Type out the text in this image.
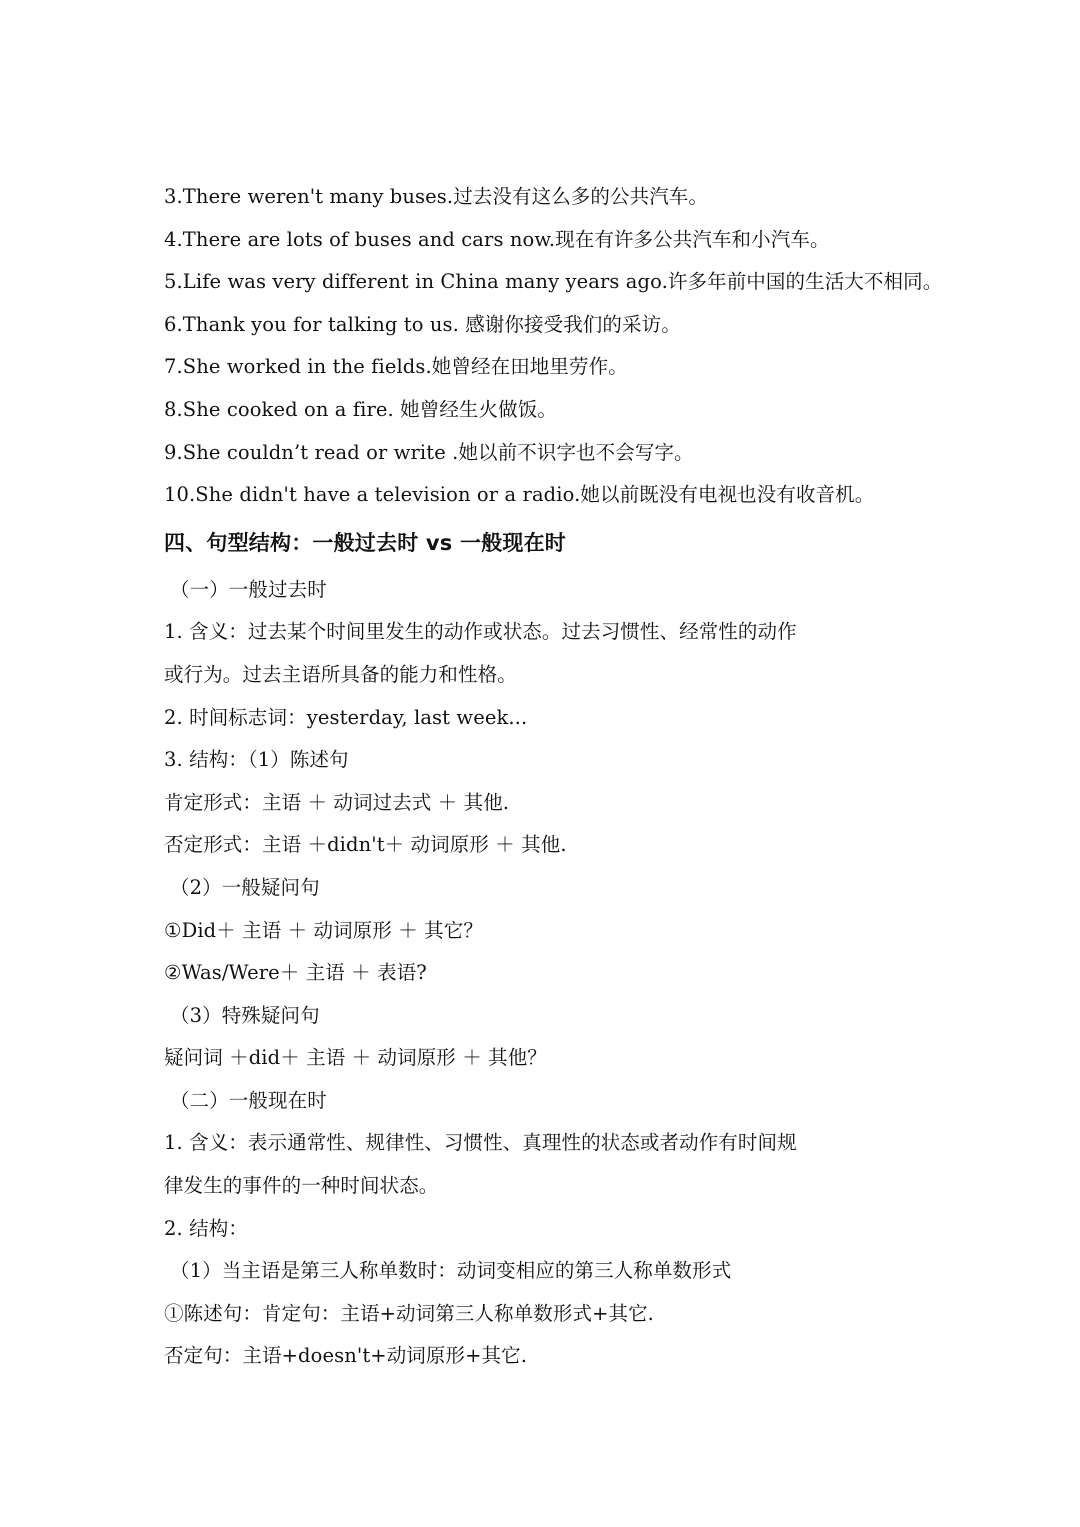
3.There weren't many buses.过去没有这么多的公共汽车。
4.There are lots of buses and cars now.现在有许多公共汽车和小汽车。
5.Life was very different in China many years ago.许多年前中国的生活大不相同。
6.Thank you for talking to us. 感谢你接受我们的采访。
7.She worked in the fields.她曾经在田地里劳作。
8.She cooked on a fire. 她曾经生火做饭。
9.She couldn’t read or write .她以前不识字也不会写字。
10.She didn't have a television or a radio.她以前既没有电视也没有收音机。
四、句型结构：一般过去时 vs 一般现在时
（一）一般过去时
1. 含义：过去某个时间里发生的动作或状态。过去习惯性、经常性的动作
或行为。过去主语所具备的能力和性格。
2. 时间标志词：yesterday, last week...
3. 结构：（1）陈述句
肯定形式：主语 ＋ 动词过去式 ＋ 其他.
否定形式：主语 ＋didn't＋ 动词原形 ＋ 其他.
（2）一般疑问句
①Did＋ 主语 ＋ 动词原形 ＋ 其它？
②Was/Were＋ 主语 ＋ 表语?
（3）特殊疑问句
疑问词 ＋did＋ 主语 ＋ 动词原形 ＋ 其他？
（二）一般现在时
1. 含义：表示通常性、规律性、习惯性、真理性的状态或者动作有时间规
律发生的事件的一种时间状态。
2. 结构：
（1）当主语是第三人称单数时：动词变相应的第三人称单数形式
①陈述句：肯定句：主语+动词第三人称单数形式+其它.
否定句：主语+doesn't+动词原形+其它.
